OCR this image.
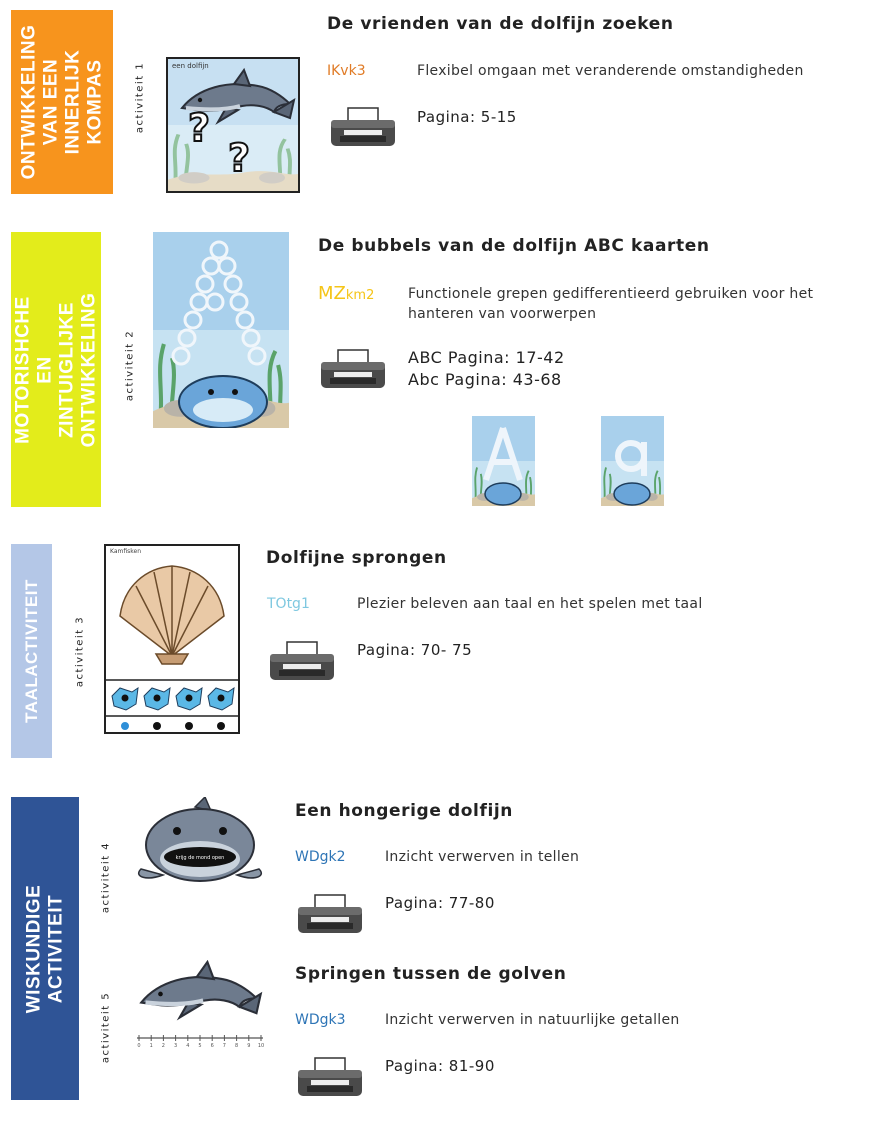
ONTWIKKELING
VAN EEN
INNERLIJK
KOMPAS	activiteit 1 ?
?
een dolfijn
De vrienden van de dolfijn zoeken
IKvk3	Flexibel omgaan met veranderende omstandigheden
Pagina: 5-15
MOTORISHCHE EN
ZINTUIGLIJKE
ONTWIKKELING	activiteit 2
De bubbels van de dolfijn ABC kaarten
MZkm2 Functionele grepen gedifferentieerd gebruiken voor het hanteren van voorwerpen
ABC Pagina: 17-42
Abc Pagina: 43-68
TAALACTIVITEIT	activiteit 3
Kamfisken	Dolfijne sprongen
TOtg1	Plezier beleven aan taal en het spelen met taal
Pagina: 70- 75
WISKUNDIGE ACTIVITEIT
activiteit 4	krijg de mond open
Een hongerige dolfijn
WDgk2	Inzicht verwerven in tellen
Pagina: 77-80
activiteit 5	0 1 2 3 4 5 6 7 8 9 10
Springen tussen de golven
WDgk3	Inzicht verwerven in natuurlijke getallen
Pagina: 81-90
